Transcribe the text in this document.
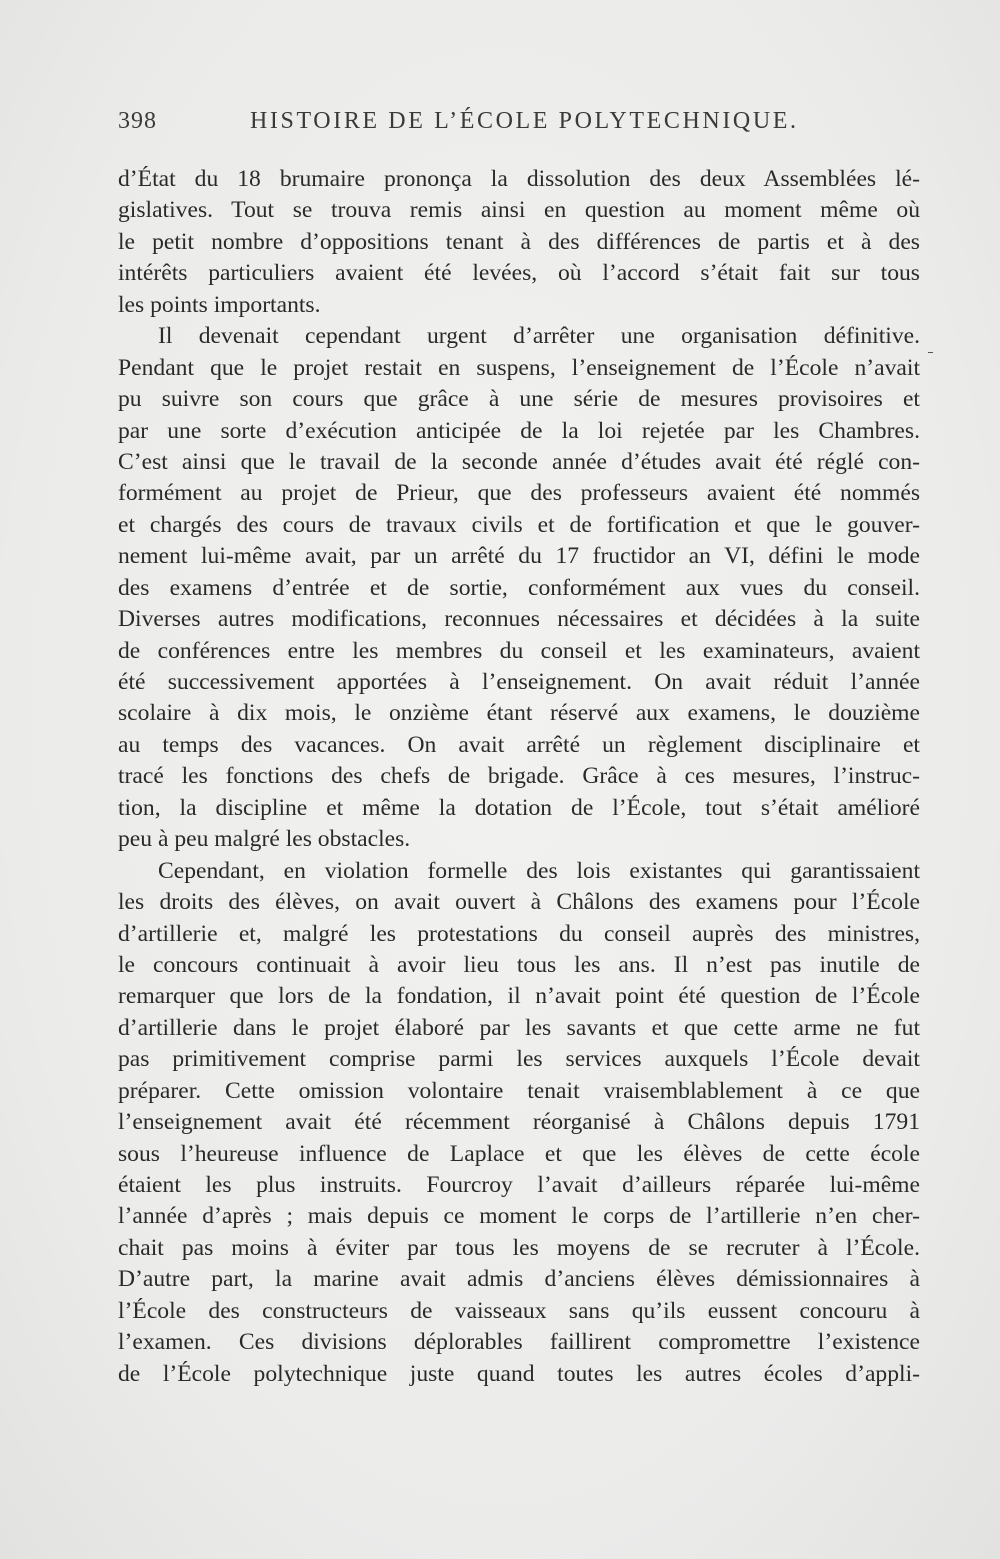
398	HISTOIRE DE L’ÉCOLE POLYTECHNIQUE.
d’État du 18 brumaire prononça la dissolution des deux Assemblées lé-
gislatives. Tout se trouva remis ainsi en question au moment même où
le petit nombre d’oppositions tenant à des différences de partis et à des
intérêts particuliers avaient été levées, où l’accord s’était fait sur tous
les points importants.
Il devenait cependant urgent d’arrêter une organisation définitive.
Pendant que le projet restait en suspens, l’enseignement de l’École n’avait
pu suivre son cours que grâce à une série de mesures provisoires et
par une sorte d’exécution anticipée de la loi rejetée par les Chambres.
C’est ainsi que le travail de la seconde année d’études avait été réglé con-
formément au projet de Prieur, que des professeurs avaient été nommés
et chargés des cours de travaux civils et de fortification et que le gouver-
nement lui-même avait, par un arrêté du 17 fructidor an VI, défini le mode
des examens d’entrée et de sortie, conformément aux vues du conseil.
Diverses autres modifications, reconnues nécessaires et décidées à la suite
de conférences entre les membres du conseil et les examinateurs, avaient
été successivement apportées à l’enseignement. On avait réduit l’année
scolaire à dix mois, le onzième étant réservé aux examens, le douzième
au temps des vacances. On avait arrêté un règlement disciplinaire et
tracé les fonctions des chefs de brigade. Grâce à ces mesures, l’instruc-
tion, la discipline et même la dotation de l’École, tout s’était amélioré
peu à peu malgré les obstacles.
Cependant, en violation formelle des lois existantes qui garantissaient
les droits des élèves, on avait ouvert à Châlons des examens pour l’École
d’artillerie et, malgré les protestations du conseil auprès des ministres,
le concours continuait à avoir lieu tous les ans. Il n’est pas inutile de
remarquer que lors de la fondation, il n’avait point été question de l’École
d’artillerie dans le projet élaboré par les savants et que cette arme ne fut
pas primitivement comprise parmi les services auxquels l’École devait
préparer. Cette omission volontaire tenait vraisemblablement à ce que
l’enseignement avait été récemment réorganisé à Châlons depuis 1791
sous l’heureuse influence de Laplace et que les élèves de cette école
étaient les plus instruits. Fourcroy l’avait d’ailleurs réparée lui-même
l’année d’après ; mais depuis ce moment le corps de l’artillerie n’en cher-
chait pas moins à éviter par tous les moyens de se recruter à l’École.
D’autre part, la marine avait admis d’anciens élèves démissionnaires à
l’École des constructeurs de vaisseaux sans qu’ils eussent concouru à
l’examen. Ces divisions déplorables faillirent compromettre l’existence
de l’École polytechnique juste quand toutes les autres écoles d’appli-
